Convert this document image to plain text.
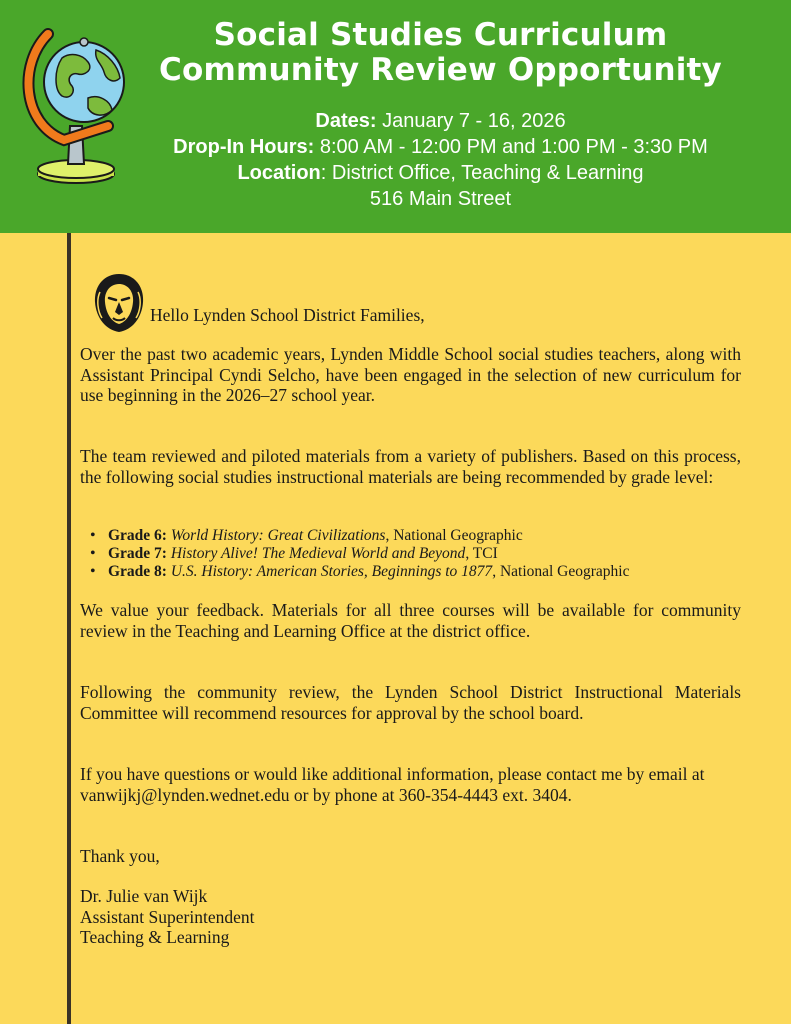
Social Studies Curriculum
Community Review Opportunity
Dates: January 7 - 16, 2026
Drop-In Hours: 8:00 AM - 12:00 PM and 1:00 PM - 3:30 PM
Location: District Office, Teaching & Learning
516 Main Street
Hello Lynden School District Families,

Over the past two academic years, Lynden Middle School social studies teachers, along with Assistant Principal Cyndi Selcho, have been engaged in the selection of new curriculum for use beginning in the 2026–27 school year.

The team reviewed and piloted materials from a variety of publishers. Based on this process, the following social studies instructional materials are being recommended by grade level:

• Grade 6: World History: Great Civilizations, National Geographic
• Grade 7: History Alive! The Medieval World and Beyond, TCI
• Grade 8: U.S. History: American Stories, Beginnings to 1877, National Geographic

We value your feedback. Materials for all three courses will be available for community review in the Teaching and Learning Office at the district office.

Following the community review, the Lynden School District Instructional Materials Committee will recommend resources for approval by the school board.

If you have questions or would like additional information, please contact me by email at vanwijkj@lynden.wednet.edu or by phone at 360-354-4443 ext. 3404.

Thank you,

Dr. Julie van Wijk
Assistant Superintendent
Teaching & Learning
